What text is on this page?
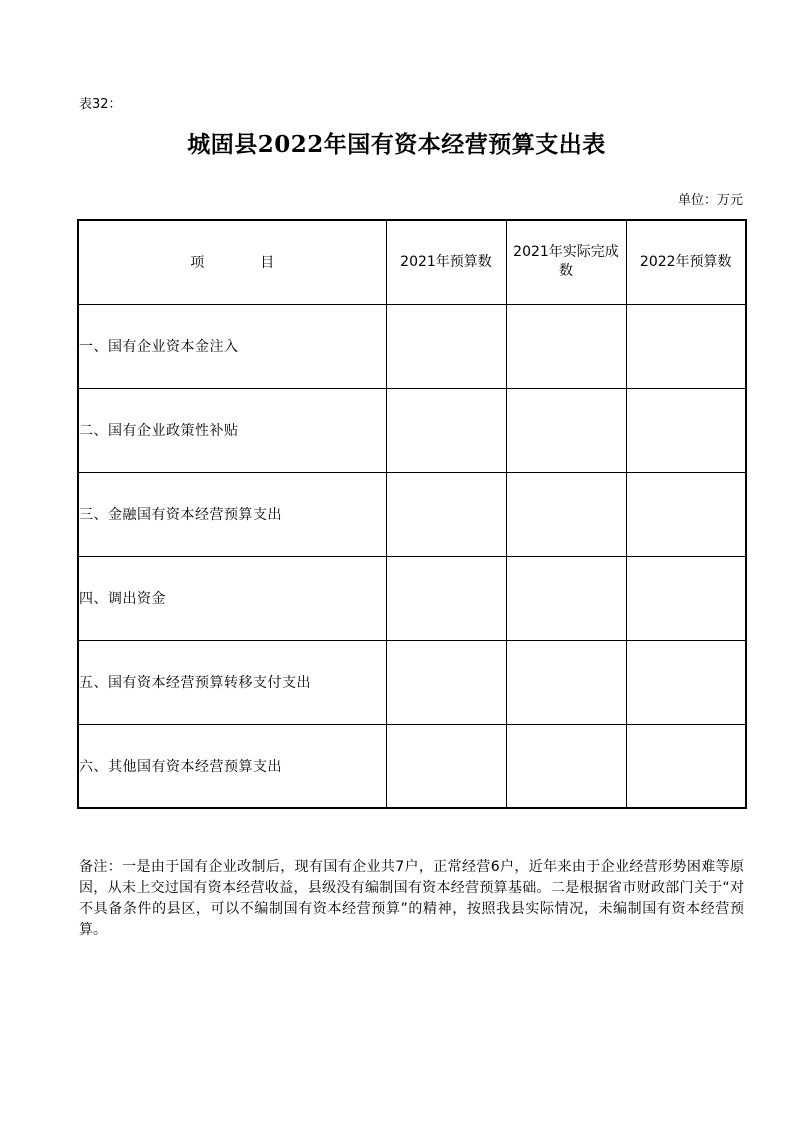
表32：
城固县2022年国有资本经营预算支出表
单位：万元
项　　　　目	2021年预算数	2021年实际完成数	2022年预算数
一、国有企业资本金注入			
二、国有企业政策性补贴			
三、金融国有资本经营预算支出			
四、调出资金			
五、国有资本经营预算转移支付支出			
六、其他国有资本经营预算支出			
备注：一是由于国有企业改制后，现有国有企业共7户，正常经营6户，近年来由于企业经营形势困难等原因，从未上交过国有资本经营收益，县级没有编制国有资本经营预算基础。二是根据省市财政部门关于“对不具备条件的县区，可以不编制国有资本经营预算”的精神，按照我县实际情况，未编制国有资本经营预算。
